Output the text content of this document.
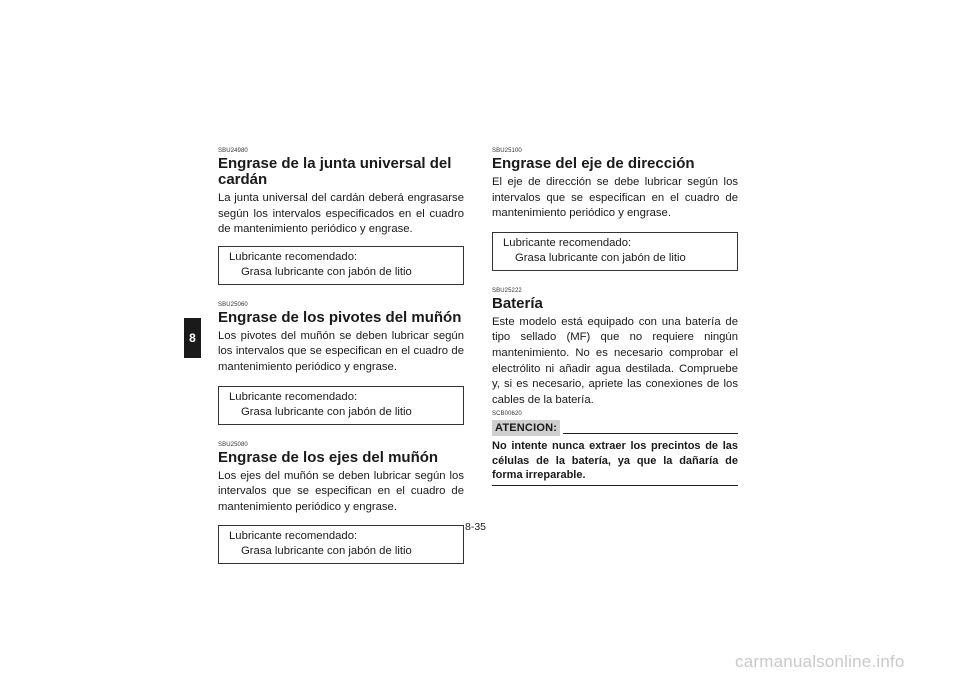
8

SBU24980

Engrase de la junta universal del cardán

La junta universal del cardán deberá engrasarse según los intervalos especificados en el cuadro de mantenimiento periódico y engrase.

Lubricante recomendado:
Grasa lubricante con jabón de litio

SBU25060

Engrase de los pivotes del muñón

Los pivotes del muñón se deben lubricar según los intervalos que se especifican en el cuadro de mantenimiento periódico y engrase.

Lubricante recomendado:
Grasa lubricante con jabón de litio

SBU25080

Engrase de los ejes del muñón

Los ejes del muñón se deben lubricar según los intervalos que se especifican en el cuadro de mantenimiento periódico y engrase.

Lubricante recomendado:
Grasa lubricante con jabón de litio

SBU25100

Engrase del eje de dirección

El eje de dirección se debe lubricar según los intervalos que se especifican en el cuadro de mantenimiento periódico y engrase.

Lubricante recomendado:
Grasa lubricante con jabón de litio

SBU25222

Batería

Este modelo está equipado con una batería de tipo sellado (MF) que no requiere ningún mantenimiento. No es necesario comprobar el electrólito ni añadir agua destilada. Compruebe y, si es necesario, apriete las conexiones de los cables de la batería.

SCB00620

ATENCION:

No intente nunca extraer los precintos de las células de la batería, ya que la dañaría de forma irreparable.

8-35
carmanualsonline.info
